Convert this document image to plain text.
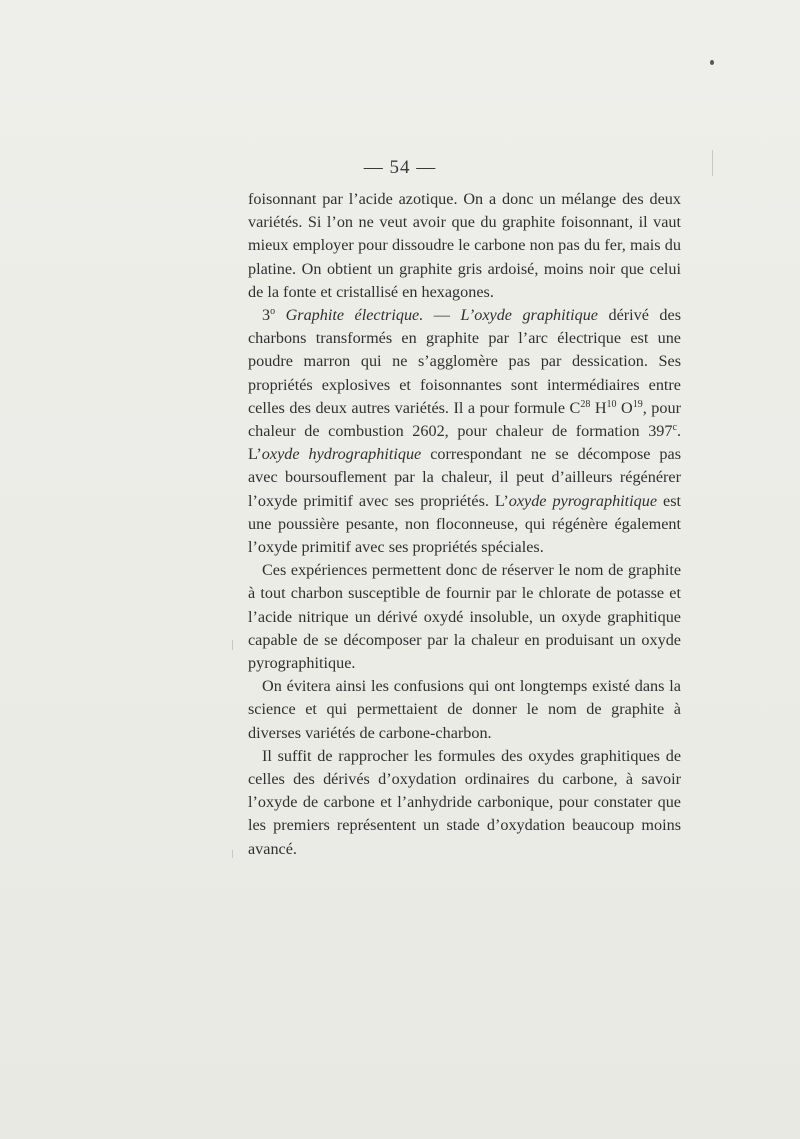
— 54 —

foisonnant par l’acide azotique. On a donc un mélange des deux variétés. Si l’on ne veut avoir que du graphite foisonnant, il vaut mieux employer pour dissoudre le carbone non pas du fer, mais du platine. On obtient un graphite gris ardoisé, moins noir que celui de la fonte et cristallisé en hexagones.

3$^o$ Graphite électrique. — L’oxyde graphitique dérivé des charbons transformés en graphite par l’arc électrique est une poudre marron qui ne s’agglomère pas par dessication. Ses propriétés explosives et foisonnantes sont intermédiaires entre celles des deux autres variétés. Il a pour formule $C^{28}$ $H^{10}$ $O^{19}$, pour chaleur de combustion 2602, pour chaleur de formation 397$^c$. L’oxyde hydrographitique correspondant ne se décompose pas avec boursouflement par la chaleur, il peut d’ailleurs régénérer l’oxyde primitif avec ses propriétés. L’oxyde pyrographitique est une poussière pesante, non floconneuse, qui régénère également l’oxyde primitif avec ses propriétés spéciales.

Ces expériences permettent donc de réserver le nom de graphite à tout charbon susceptible de fournir par le chlorate de potasse et l’acide nitrique un dérivé oxydé insoluble, un oxyde graphitique capable de se décomposer par la chaleur en produisant un oxyde pyrographitique.

On évitera ainsi les confusions qui ont longtemps existé dans la science et qui permettaient de donner le nom de graphite à diverses variétés de carbone-charbon.

Il suffit de rapprocher les formules des oxydes graphitiques de celles des dérivés d’oxydation ordinaires du carbone, à savoir l’oxyde de carbone et l’anhydride carbonique, pour constater que les premiers représentent un stade d’oxydation beaucoup moins avancé.
